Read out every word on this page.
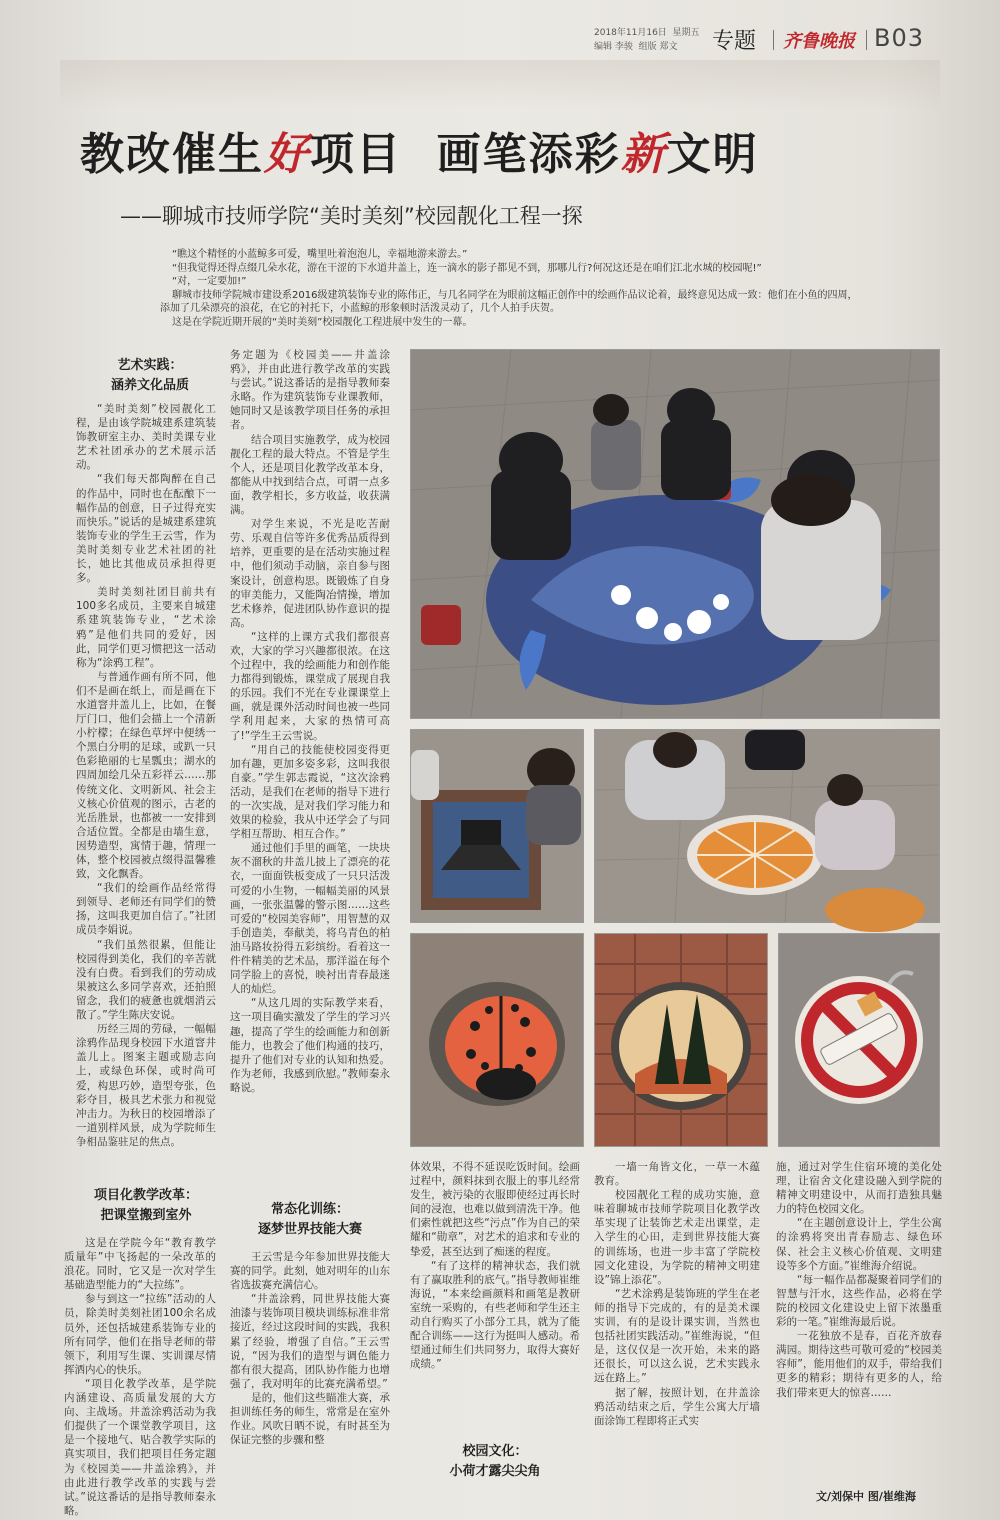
2018年11月16日 星期五
编辑 李骏 组版 郑文	专题 齐鲁晚报 B03
教改催生好项目  画笔添彩新文明
——聊城市技师学院“美时美刻”校园靓化工程一探

“瞧这个精怪的小蓝鲸多可爱，嘴里吐着泡泡儿，幸福地游来游去。”

“但我觉得还得点缀几朵水花，游在干涩的下水道井盖上，连一滴水的影子都见不到，那哪儿行?何况这还是在咱们江北水城的校园呢!”

“对，一定要加!”

聊城市技师学院城市建设系2016级建筑装饰专业的陈伟正，与几名同学在为眼前这幅正创作中的绘画作品议论着，最终意见达成一致：他们在小鱼的四周，添加了几朵漂亮的浪花，在它的衬托下，小蓝鲸的形象顿时活泼灵动了，几个人拍手庆贺。

这是在学院近期开展的“美时美刻”校园靓化工程进展中发生的一幕。

艺术实践：
涵养文化品质

“美时美刻”校园靓化工程，是由该学院城建系建筑装饰教研室主办、美时美课专业艺术社团承办的艺术展示活动。

“我们每天都陶醉在自己的作品中，同时也在酝酿下一幅作品的创意，日子过得充实而快乐。”说话的是城建系建筑装饰专业的学生王云雪，作为美时美刻专业艺术社团的社长，她比其他成员承担得更多。

美时美刻社团目前共有100多名成员，主要来自城建系建筑装饰专业，“艺术涂鸦”是他们共同的爱好，因此，同学们更习惯把这一活动称为“涂鸦工程”。

与普通作画有所不同，他们不是画在纸上，而是画在下水道窨井盖儿上，比如，在餐厅门口，他们会描上一个清新小柠檬；在绿色草坪中便绣一个黑白分明的足球，或趴一只色彩艳丽的七星瓢虫；湖水的四周加绘几朵五彩祥云……那传统文化、文明新风、社会主义核心价值观的图示，古老的光岳胜景，也都被一一安排到合适位置。全都是由墙生意，因势造型，寓情于趣，情理一体，整个校园被点缀得温馨雅致，文化飘香。

“我们的绘画作品经常得到领导、老师还有同学们的赞扬，这叫我更加自信了。”社团成员李娟说。

“我们虽然很累，但能让校园得到美化，我们的辛苦就没有白费。看到我们的劳动成果被这么多同学喜欢，还拍照留念，我们的疲惫也就烟消云散了。”学生陈庆安说。

历经三周的劳碌，一幅幅涂鸦作品现身校园下水道窨井盖儿上。图案主题或励志向上，或绿色环保，或时尚可爱，构思巧妙，造型夸张，色彩夺目，极具艺术张力和视觉冲击力。为秋日的校园增添了一道别样风景，成为学院师生争相品鉴驻足的焦点。

项目化教学改革：
把课堂搬到室外

这是在学院今年“教育教学质量年”中飞扬起的一朵改革的浪花。同时，它又是一次对学生基础造型能力的“大拉练”。

参与到这一“拉练”活动的人员，除美时美刻社团100余名成员外，还包括城建系装饰专业的所有同学，他们在指导老师的带领下，利用写生课、实训课尽情挥洒内心的快乐。

“项目化教学改革，是学院内涵建设、高质量发展的大方向、主战场。井盖涂鸦活动为我们提供了一个课堂教学项目，这是一个接地气、贴合教学实际的真实项目，我们把项目任务定题为《校园美——井盖涂鸦》，并由此进行教学改革的实践与尝试。”说这番话的是指导教师秦永略。

务定题为《校园美——井盖涂鸦》，并由此进行教学改革的实践与尝试。”说这番话的是指导教师秦永略。作为建筑装饰专业课教师，她同时又是该教学项目任务的承担者。

结合项目实施教学，成为校园靓化工程的最大特点。不管是学生个人，还是项目化教学改革本身，都能从中找到结合点，可谓一点多面，教学相长，多方收益，收获满满。

对学生来说，不光是吃苦耐劳、乐观自信等许多优秀品质得到培养，更重要的是在活动实施过程中，他们须动手动脑，亲自参与图案设计，创意构思。既锻炼了自身的审美能力，又能陶冶情操，增加艺术修养，促进团队协作意识的提高。

“这样的上课方式我们都很喜欢，大家的学习兴趣都很浓。在这个过程中，我的绘画能力和创作能力都得到锻炼，课堂成了展现自我的乐园。我们不光在专业课课堂上画，就是课外活动时间也被一些同学利用起来，大家的热情可高了!”学生王云雪说。

“用自己的技能使校园变得更加有趣，更加多姿多彩，这叫我很自豪。”学生郭志霞说，“这次涂鸦活动，是我们在老师的指导下进行的一次实战，是对我们学习能力和效果的检验，我从中还学会了与同学相互帮助、相互合作。”

通过他们手里的画笔，一块块灰不溜秋的井盖儿披上了漂亮的花衣，一面面铁板变成了一只只活泼可爱的小生物，一幅幅美丽的风景画，一张张温馨的警示图……这些可爱的“校园美容师”，用智慧的双手创造美，奉献美，将乌青色的柏油马路妆扮得五彩缤纷。看着这一件件精美的艺术品，那洋溢在每个同学脸上的喜悦，映衬出青春最迷人的灿烂。

“从这几周的实际教学来看，这一项目确实激发了学生的学习兴趣，提高了学生的绘画能力和创新能力，也教会了他们构通的技巧，提升了他们对专业的认知和热爱。作为老师，我感到欣慰。”教师秦永略说。

常态化训练：
逐梦世界技能大赛

王云雪是今年参加世界技能大赛的同学。此刻，她对明年的山东省选拔赛充满信心。

“井盖涂鸦，同世界技能大赛油漆与装饰项目模块训练标准非常接近，经过这段时间的实践，我积累了经验，增强了自信。”王云雪说，“因为我们的造型与调色能力都有很大提高，团队协作能力也增强了，我对明年的比赛充满希望。”

是的，他们这些瞄准大赛，承担训练任务的师生，常常是在室外作业。风吹日晒不说，有时甚至为保证完整的步骤和整

体效果，不得不延误吃饭时间。绘画过程中，颜料抹到衣服上的事儿经常发生，被污染的衣服即使经过再长时间的浸泡，也难以做到清洗干净。他们索性就把这些“污点”作为自己的荣耀和“勋章”，对艺术的追求和专业的挚爱，甚至达到了痴迷的程度。

“有了这样的精神状态，我们就有了赢取胜利的底气。”指导教师崔维海说，“本来绘画颜料和画笔是教研室统一采购的，有些老师和学生还主动自行购买了小部分工具，就为了能配合训练——这行为挺叫人感动。希望通过师生们共同努力，取得大赛好成绩。”

校园文化：
小荷才露尖尖角

一墙一角皆文化，一草一木蕴教育。

校园靓化工程的成功实施，意味着聊城市技师学院项目化教学改革实现了让装饰艺术走出课堂，走入学生的心田，走到世界技能大赛的训练场，也进一步丰富了学院校园文化建设，为学院的精神文明建设”锦上添花”。

“艺术涂鸦是装饰班的学生在老师的指导下完成的，有的是美术课实训，有的是设计课实训，当然也包括社团实践活动。”崔维海说，“但是，这仅仅是一次开始，未来的路还很长，可以这么说，艺术实践永远在路上。”

据了解，按照计划，在井盖涂鸦活动结束之后，学生公寓大厅墙面涂饰工程即将正式实

施，通过对学生住宿环境的美化处理，让宿舍文化建设融入到学院的精神文明建设中，从而打造独具魅力的特色校园文化。

“在主题创意设计上，学生公寓的涂鸦将突出青春励志、绿色环保、社会主义核心价值观、文明建设等多个方面。”崔维海介绍说。

“每一幅作品都凝聚着同学们的智慧与汗水，这些作品，必将在学院的校园文化建设史上留下浓墨重彩的一笔。”崔维海最后说。

一花独放不是春，百花齐放春满园。期待这些可敬可爱的“校园美容师”，能用他们的双手，带给我们更多的精彩；期待有更多的人，给我们带来更大的惊喜……

文/刘保中 图/崔维海
